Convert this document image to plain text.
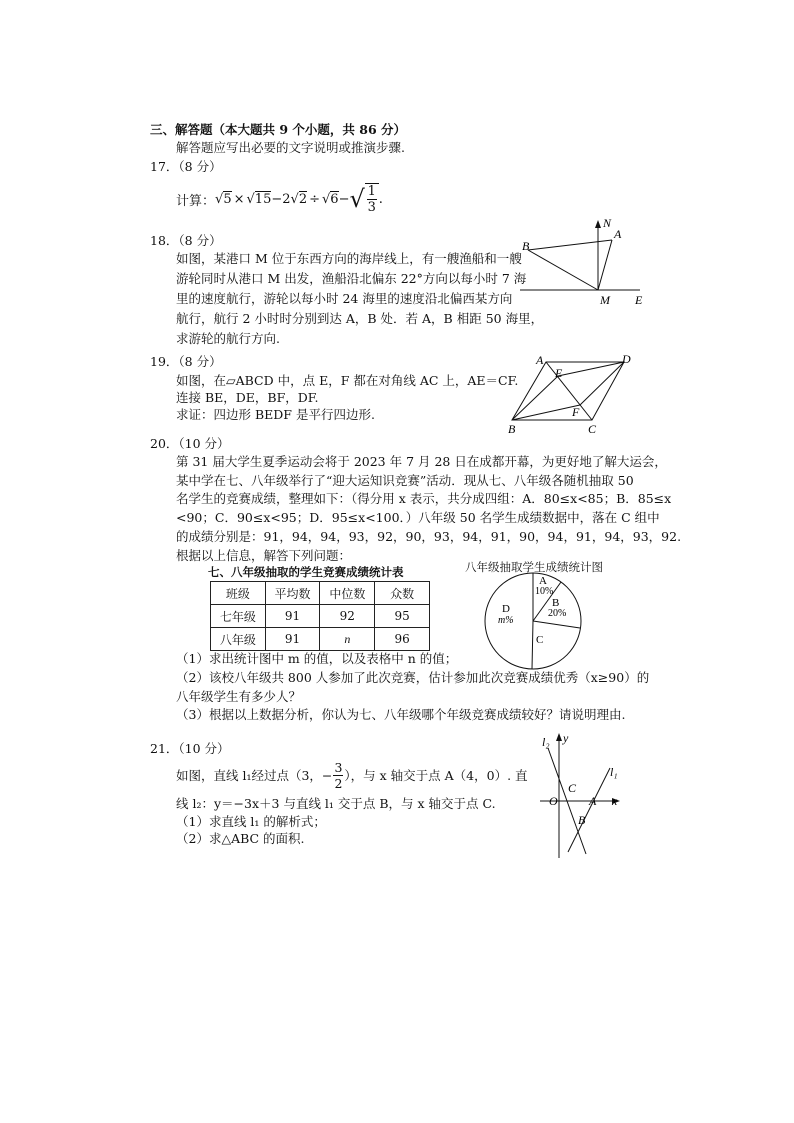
三、解答题（本大题共 9 个小题，共 86 分）
解答题应写出必要的文字说明或推演步骤.
17．（8 分）
计算： √ 5 × √ 15 −2 √ 2 ÷ √ 6 − √ 1
3
.
18．（8 分）
如图，某港口 M 位于东西方向的海岸线上，有一艘渔船和一艘
游轮同时从港口 M 出发，渔船沿北偏东 22°方向以每小时 7 海
里的速度航行，游轮以每小时 24 海里的速度沿北偏西某方向
航行，航行 2 小时时分别到达 A，B 处．若 A，B 相距 50 海里，
求游轮的航行方向.
N
A
B
M E
19．（8 分）
如图，在▱ABCD 中，点 E，F 都在对角线 AC 上，AE＝CF.
连接 BE，DE，BF，DF.
求证：四边形 BEDF 是平行四边形.
A	D
E
F
B	C
20．（10 分）
第 31 届大学生夏季运动会将于 2023 年 7 月 28 日在成都开幕，为更好地了解大运会，
某中学在七、八年级举行了“迎大运知识竞赛”活动．现从七、八年级各随机抽取 50
名学生的竞赛成绩，整理如下：（得分用 x 表示，共分成四组：A．80≤x<85；B．85≤x
<90；C．90≤x<95；D．95≤x<100．）八年级 50 名学生成绩数据中，落在 C 组中
的成绩分别是：91，94，94，93，92，90，93，94，91，90，94，91，94，93，92.
根据以上信息，解答下列问题：
七、八年级抽取的学生竞赛成绩统计表
班级	平均数	中位数	众数
七年级	91	92	95
八年级	91	n	96
八年级抽取学生成绩统计图
A
10%
B
20%
C
D
m%
（1）求出统计图中 m 的值，以及表格中 n 的值；
（2）该校八年级共 800 人参加了此次竞赛，估计参加此次竞赛成绩优秀（x≥90）的
八年级学生有多少人？
（3）根据以上数据分析，你认为七、八年级哪个年级竞赛成绩较好？请说明理由.
21．（10 分）
如图，直线 l₁经过点（3，− $\frac{3}{2}$ ），与 x 轴交于点 A（4，0）. 直
线 l₂：y＝−3x＋3 与直线 l₁ 交于点 B，与 x 轴交于点 C.
（1）求直线 l₁ 的解析式；
（2）求△ABC 的面积.
l₂ y
l₁
O
C
A x
B
